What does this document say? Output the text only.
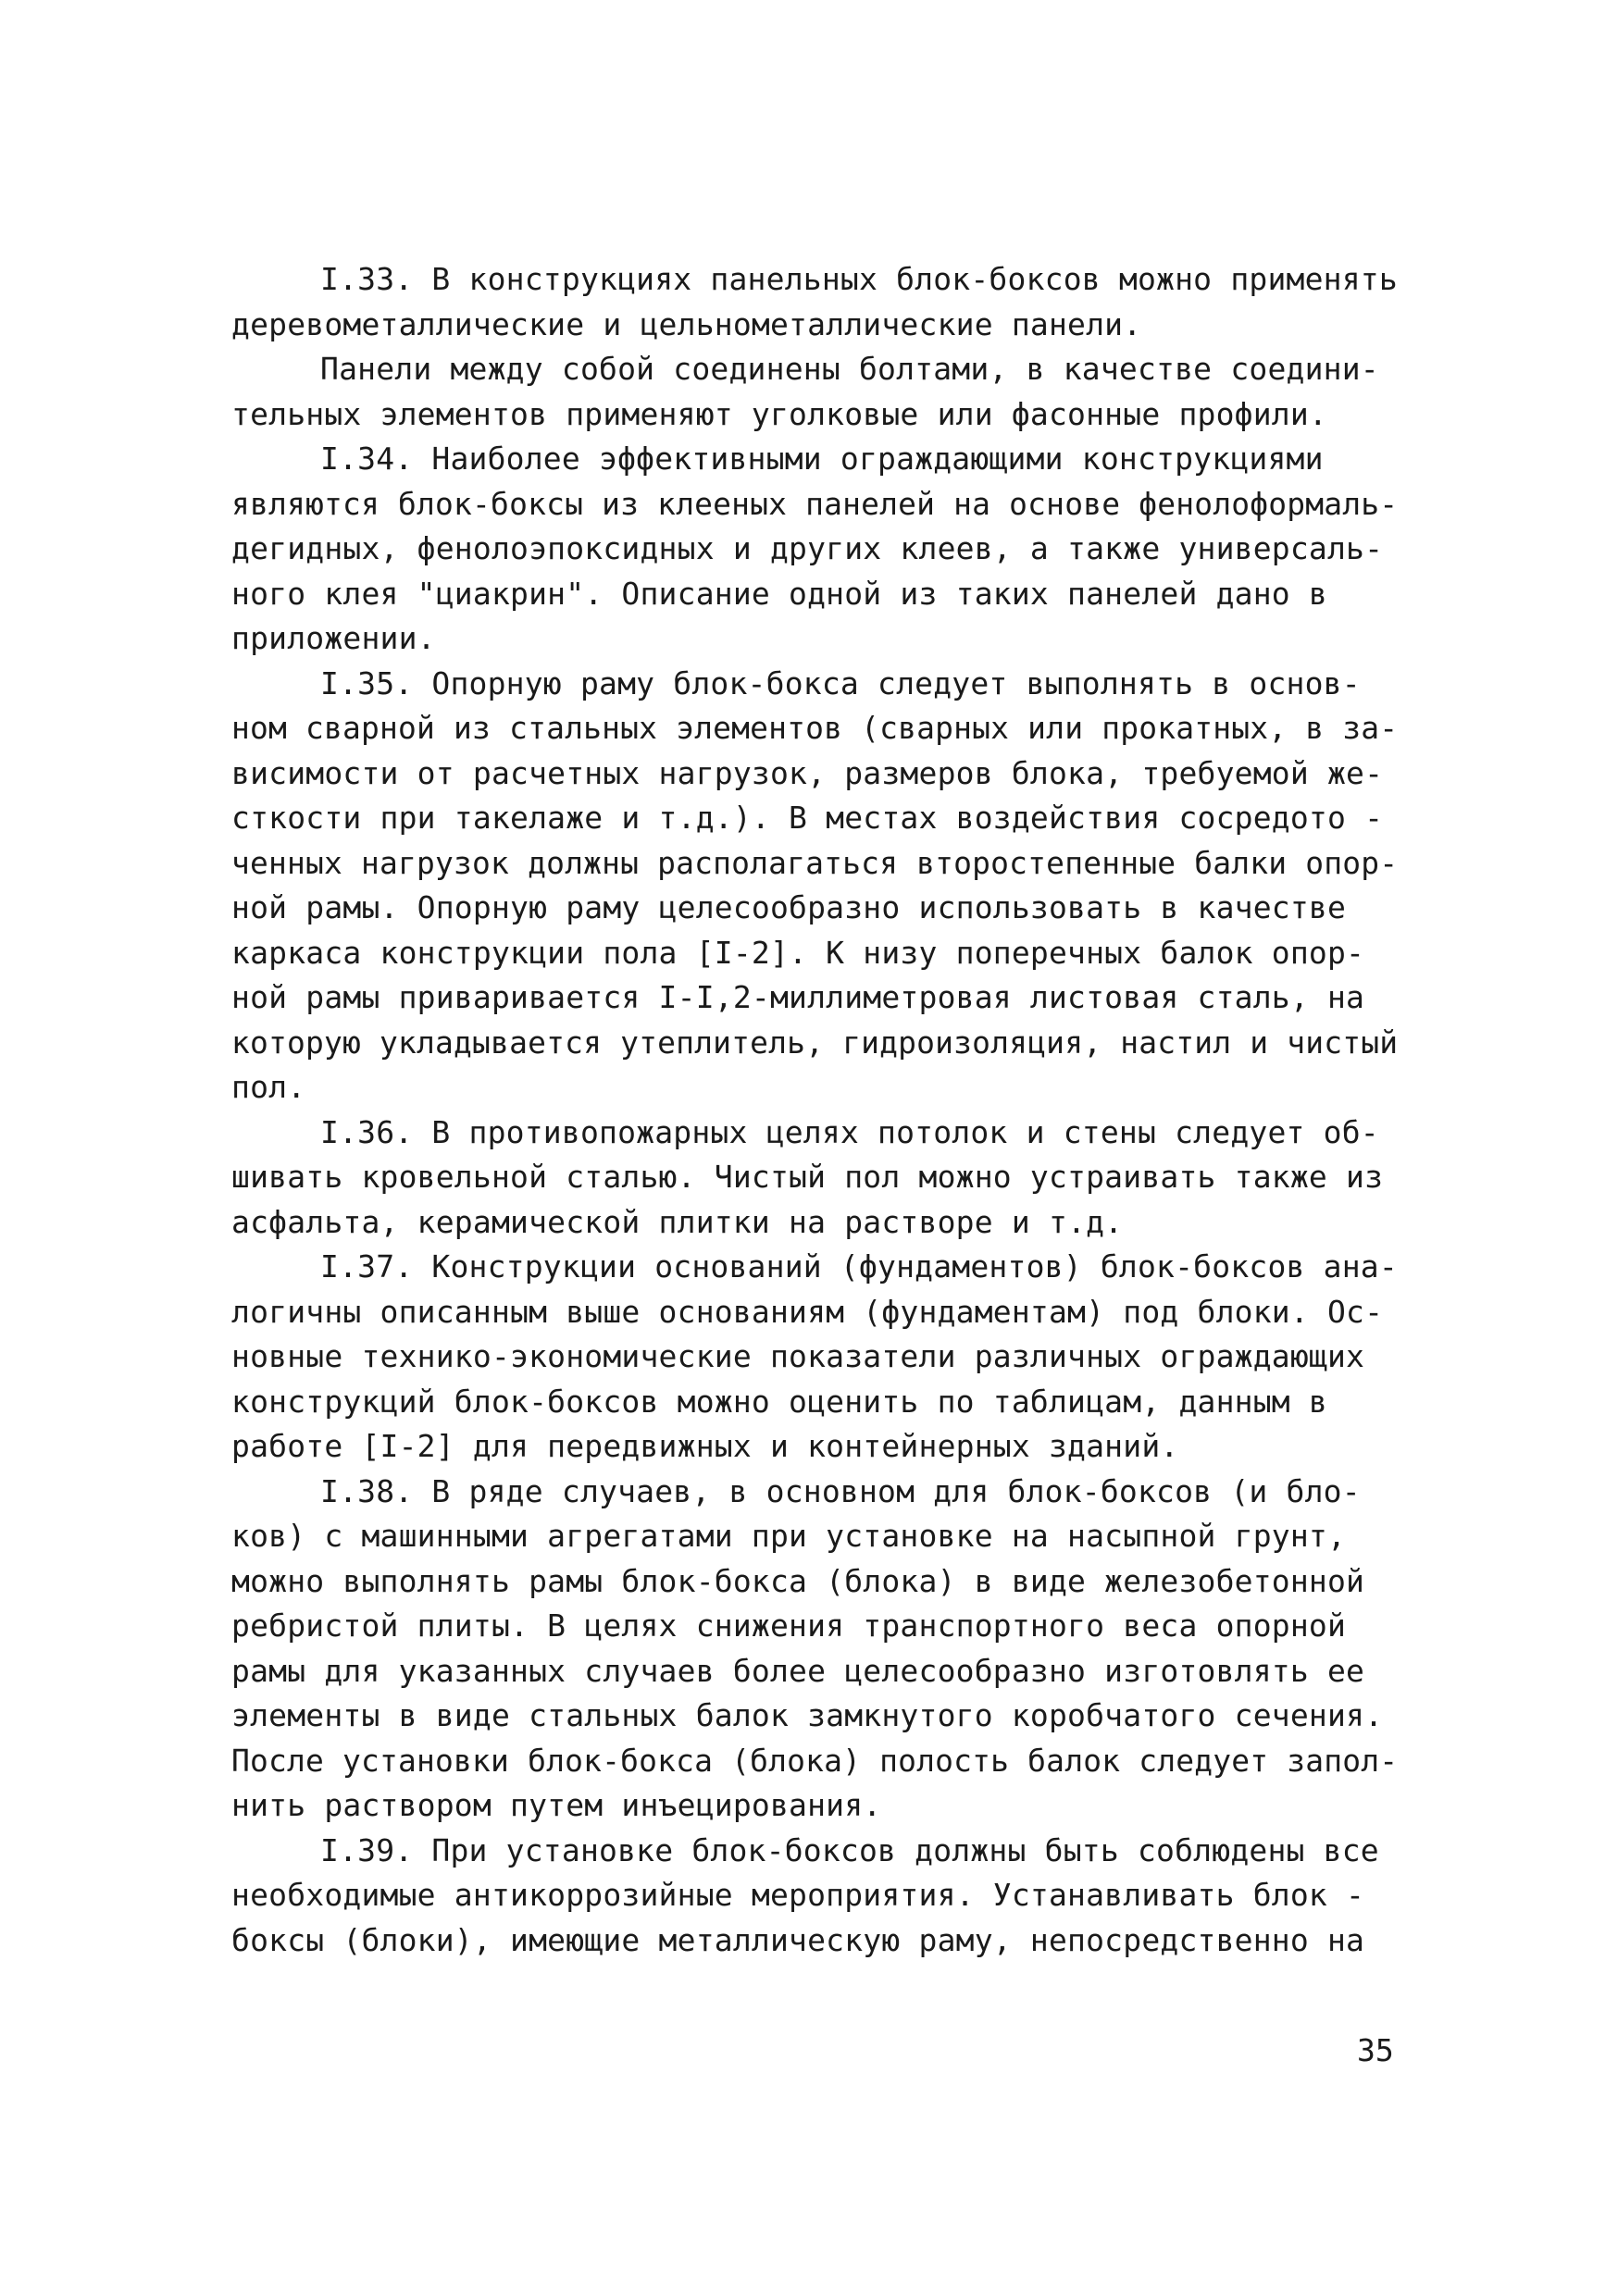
I.33. В конструкциях панельных блок-боксов можно применять
деревометаллические и цельнометаллические панели.
Панели между собой соединены болтами, в качестве соедини-
тельных элементов применяют уголковые или фасонные профили.
I.34. Наиболее эффективными ограждающими конструкциями
являются блок-боксы из клееных панелей на основе фенолоформаль-
дегидных, фенолоэпоксидных и других клеев, а также универсаль-
ного клея "циакрин". Описание одной из таких панелей дано в
приложении.
I.35. Опорную раму блок-бокса следует выполнять в основ-
ном сварной из стальных элементов (сварных или прокатных, в за-
висимости от расчетных нагрузок, размеров блока, требуемой же-
сткости при такелаже и т.д.). В местах воздействия сосредото -
ченных нагрузок должны располагаться второстепенные балки опор-
ной рамы. Опорную раму целесообразно использовать в качестве
каркаса конструкции пола [I-2]. К низу поперечных балок опор-
ной рамы приваривается I-I,2-миллиметровая листовая сталь, на
которую укладывается утеплитель, гидроизоляция, настил и чистый
пол.
I.36. В противопожарных целях потолок и стены следует об-
шивать кровельной сталью. Чистый пол можно устраивать также из
асфальта, керамической плитки на растворе и т.д.
I.37. Конструкции оснований (фундаментов) блок-боксов ана-
логичны описанным выше основаниям (фундаментам) под блоки. Ос-
новные технико-экономические показатели различных ограждающих
конструкций блок-боксов можно оценить по таблицам, данным в
работе [I-2] для передвижных и контейнерных зданий.
I.38. В ряде случаев, в основном для блок-боксов (и бло-
ков) с машинными агрегатами при установке на насыпной грунт,
можно выполнять рамы блок-бокса (блока) в виде железобетонной
ребристой плиты. В целях снижения транспортного веса опорной
рамы для указанных случаев более целесообразно изготовлять ее
элементы в виде стальных балок замкнутого коробчатого сечения.
После установки блок-бокса (блока) полость балок следует запол-
нить раствором путем инъецирования.
I.39. При установке блок-боксов должны быть соблюдены все
необходимые антикоррозийные мероприятия. Устанавливать блок -
боксы (блоки), имеющие металлическую раму, непосредственно на
35
